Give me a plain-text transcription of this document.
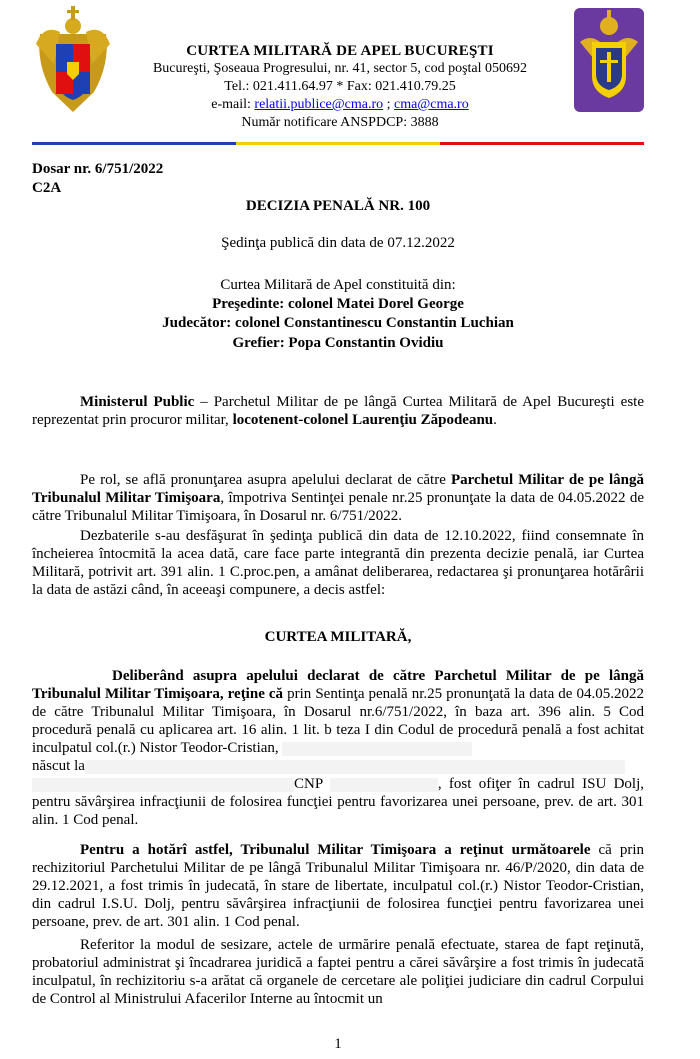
CURTEA MILITARĂ DE APEL BUCUREŞTI
Bucureşti, Şoseaua Progresului, nr. 41, sector 5, cod poştal 050692
Tel.: 021.411.64.97 * Fax: 021.410.79.25
e-mail: relatii.publice@cma.ro ; cma@cma.ro
Număr notificare ANSPDCP: 3888
Dosar nr. 6/751/2022
C2A
DECIZIA PENALĂ NR. 100
Şedinţa publică din data de 07.12.2022
Curtea Militară de Apel constituită din:
Preşedinte: colonel Matei Dorel George
Judecător: colonel Constantinescu Constantin Luchian
Grefier: Popa Constantin Ovidiu
Ministerul Public – Parchetul Militar de pe lângă Curtea Militară de Apel Bucureşti este reprezentat prin procuror militar, locotenent-colonel Laurenţiu Zăpodeanu.
Pe rol, se află pronunţarea asupra apelului declarat de către Parchetul Militar de pe lângă Tribunalul Militar Timişoara, împotriva Sentinţei penale nr.25 pronunţate la data de 04.05.2022 de către Tribunalul Militar Timişoara, în Dosarul nr. 6/751/2022.
Dezbaterile s-au desfăşurat în şedinţa publică din data de 12.10.2022, fiind consemnate în încheierea întocmită la acea dată, care face parte integrantă din prezenta decizie penală, iar Curtea Militară, potrivit art. 391 alin. 1 C.proc.pen, a amânat deliberarea, redactarea şi pronunţarea hotărârii la data de astăzi când, în aceeaşi compunere, a decis astfel:
CURTEA MILITARĂ,
Deliberând asupra apelului declarat de către Parchetul Militar de pe lângă Tribunalul Militar Timişoara, reţine că prin Sentinţa penală nr.25 pronunţată la data de 04.05.2022 de către Tribunalul Militar Timişoara, în Dosarul nr.6/751/2022, în baza art. 396 alin. 5 Cod procedură penală cu aplicarea art. 16 alin. 1 lit. b teza I din Codul de procedură penală a fost achitat inculpatul col.(r.) Nistor Teodor-Cristian,
născut la
CNP	, fost ofiţer în cadrul ISU Dolj, pentru săvârşirea infracţiunii de folosirea funcţiei pentru favorizarea unei persoane, prev. de art. 301 alin. 1 Cod penal.
Pentru a hotărî astfel, Tribunalul Militar Timişoara a reţinut următoarele că prin rechizitoriul Parchetului Militar de pe lângă Tribunalul Militar Timişoara nr. 46/P/2020, din data de 29.12.2021, a fost trimis în judecată, în stare de libertate, inculpatul col.(r.) Nistor Teodor-Cristian, din cadrul I.S.U. Dolj, pentru săvârşirea infracţiunii de folosirea funcţiei pentru favorizarea unei persoane, prev. de art. 301 alin. 1 Cod penal.
Referitor la modul de sesizare, actele de urmărire penală efectuate, starea de fapt reţinută, probatoriul administrat şi încadrarea juridică a faptei pentru a cărei săvârşire a fost trimis în judecată inculpatul, în rechizitoriu s-a arătat că organele de cercetare ale poliţiei judiciare din cadrul Corpului de Control al Ministrului Afacerilor Interne au întocmit un
1
